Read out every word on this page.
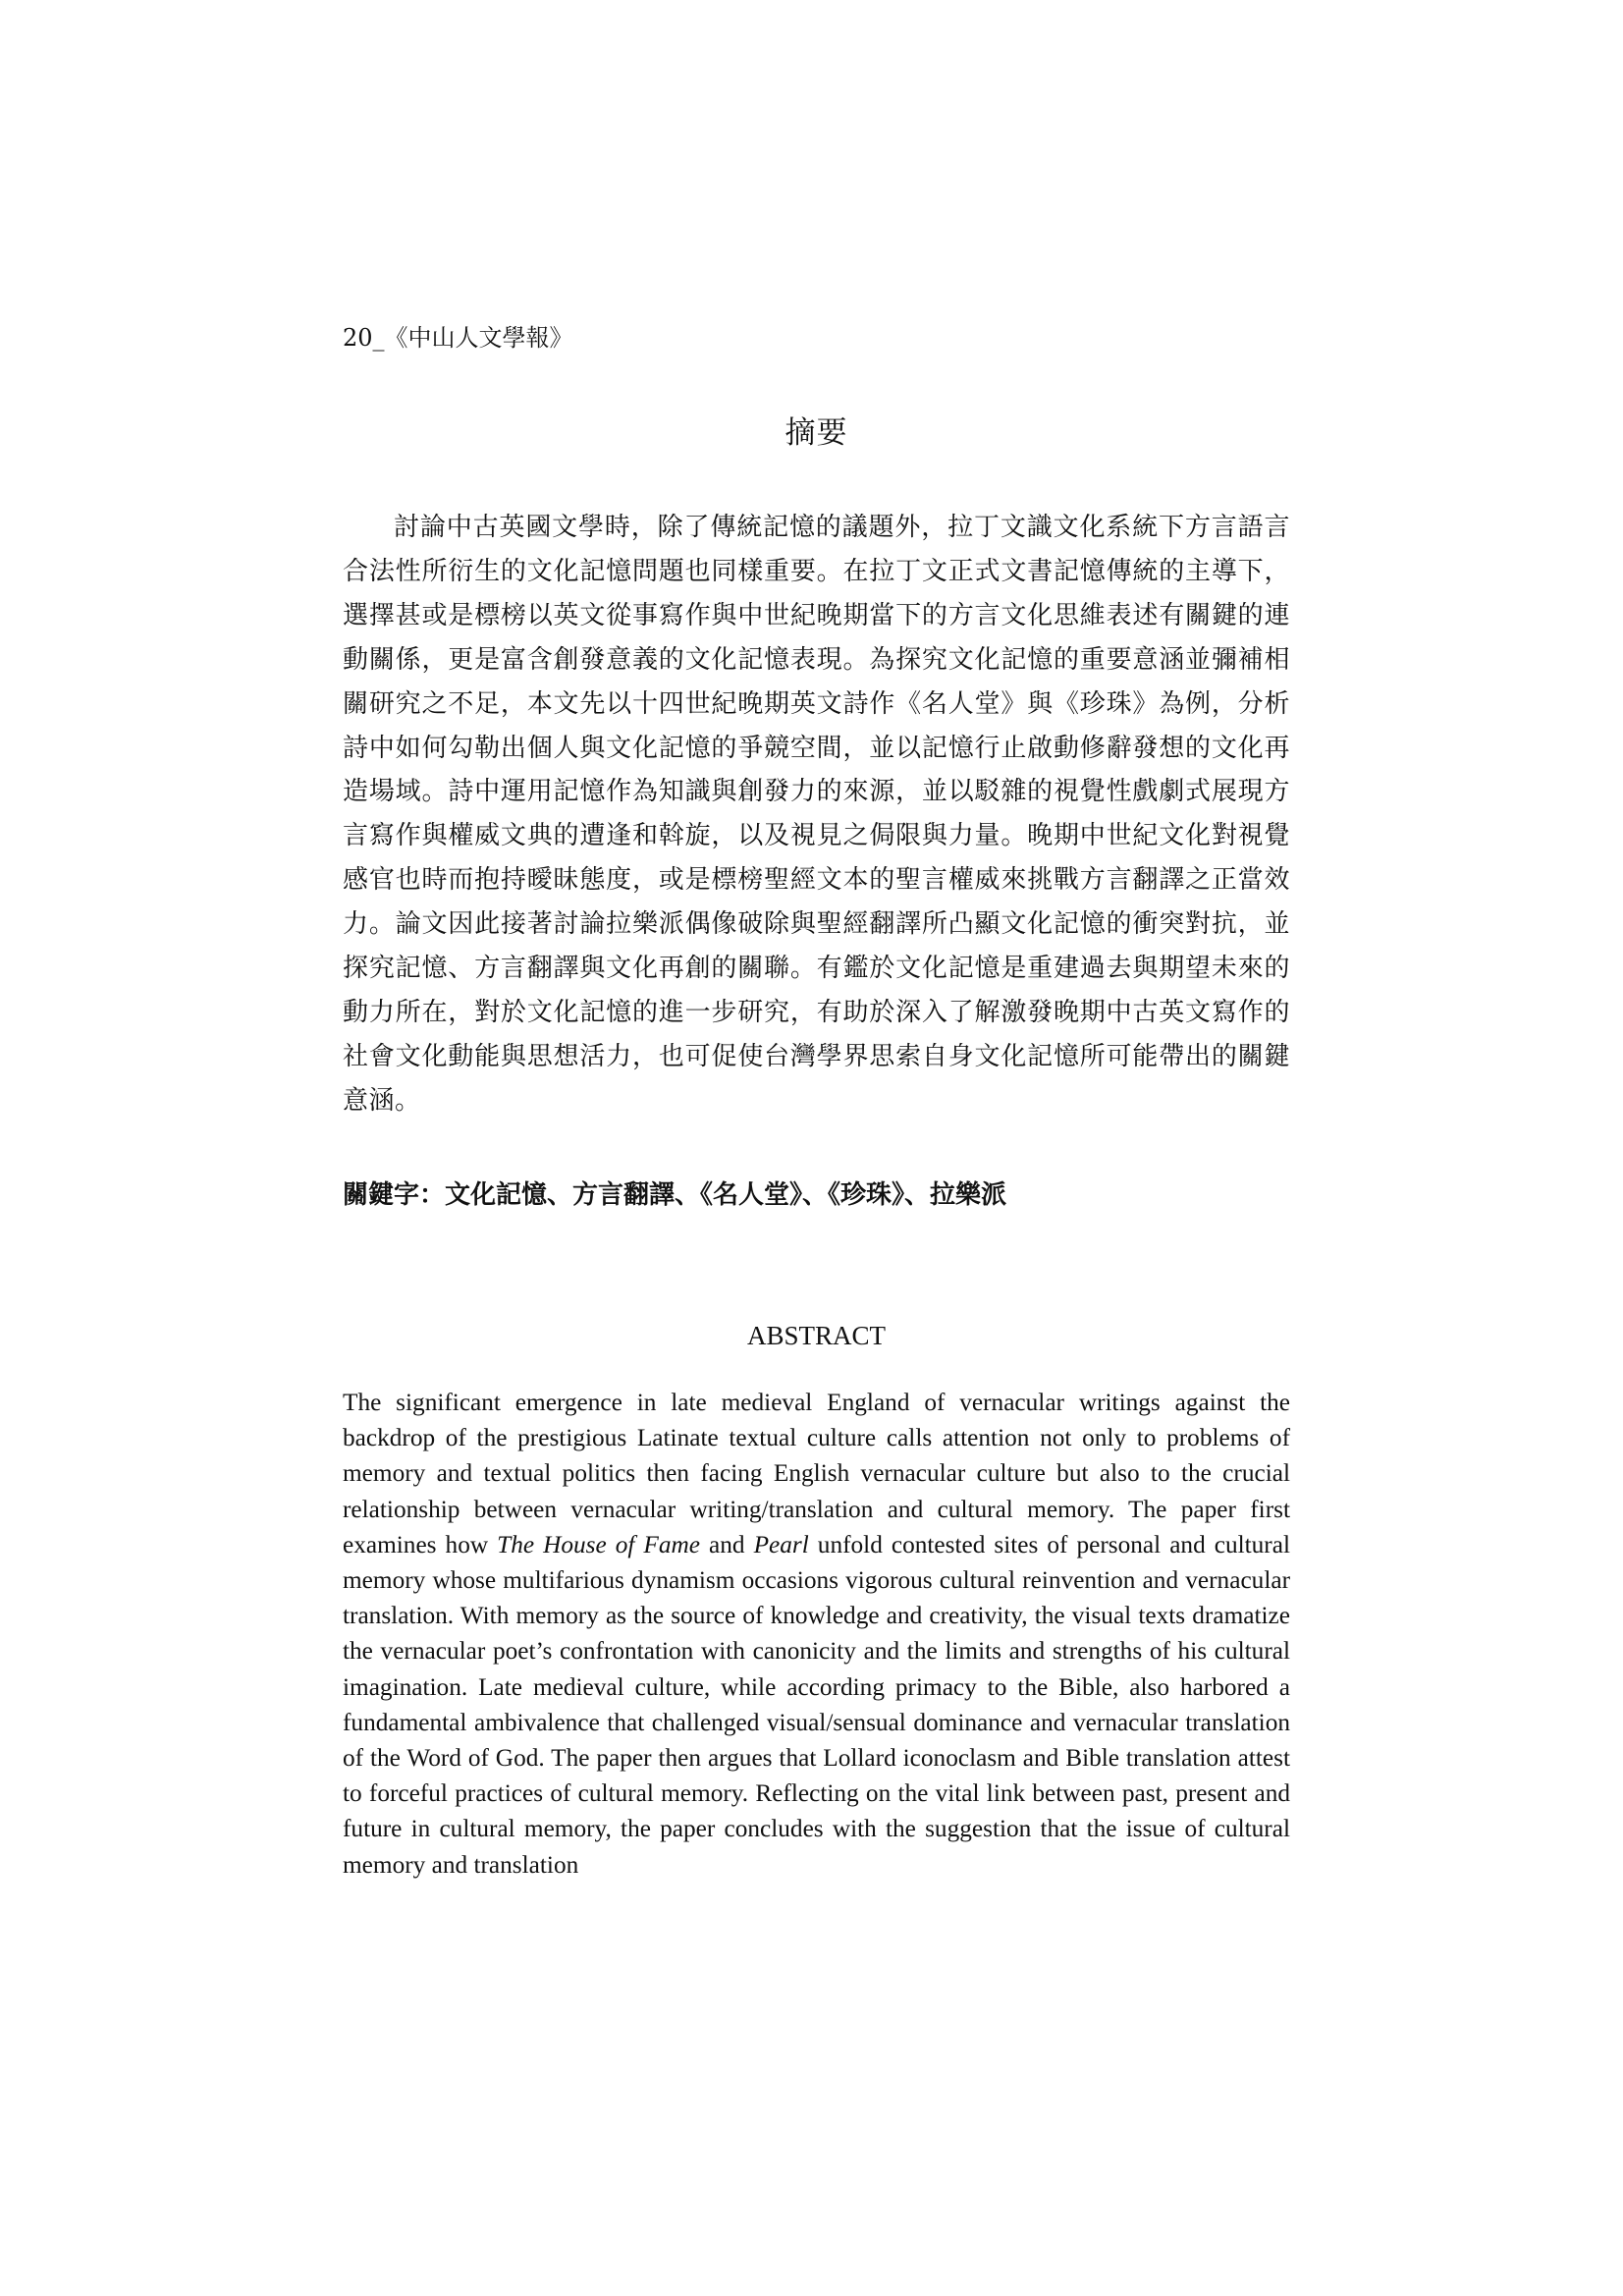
20_《中山人文學報》
摘要

討論中古英國文學時，除了傳統記憶的議題外，拉丁文識文化系統下方言語言合法性所衍生的文化記憶問題也同樣重要。在拉丁文正式文書記憶傳統的主導下，選擇甚或是標榜以英文從事寫作與中世紀晚期當下的方言文化思維表述有關鍵的連動關係，更是富含創發意義的文化記憶表現。為探究文化記憶的重要意涵並彌補相關研究之不足，本文先以十四世紀晚期英文詩作《名人堂》與《珍珠》為例，分析詩中如何勾勒出個人與文化記憶的爭競空間，並以記憶行止啟動修辭發想的文化再造場域。詩中運用記憶作為知識與創發力的來源，並以駁雜的視覺性戲劇式展現方言寫作與權威文典的遭逢和斡旋，以及視見之侷限與力量。晚期中世紀文化對視覺感官也時而抱持曖昧態度，或是標榜聖經文本的聖言權威來挑戰方言翻譯之正當效力。論文因此接著討論拉樂派偶像破除與聖經翻譯所凸顯文化記憶的衝突對抗，並探究記憶、方言翻譯與文化再創的關聯。有鑑於文化記憶是重建過去與期望未來的動力所在，對於文化記憶的進一步研究，有助於深入了解激發晚期中古英文寫作的社會文化動能與思想活力，也可促使台灣學界思索自身文化記憶所可能帶出的關鍵意涵。

關鍵字：文化記憶、方言翻譯、《名人堂》、《珍珠》、拉樂派
ABSTRACT

The significant emergence in late medieval England of vernacular writings against the backdrop of the prestigious Latinate textual culture calls attention not only to problems of memory and textual politics then facing English vernacular culture but also to the crucial relationship between vernacular writing/translation and cultural memory. The paper first examines how The House of Fame and Pearl unfold contested sites of personal and cultural memory whose multifarious dynamism occasions vigorous cultural reinvention and vernacular translation. With memory as the source of knowledge and creativity, the visual texts dramatize the vernacular poet’s confrontation with canonicity and the limits and strengths of his cultural imagination. Late medieval culture, while according primacy to the Bible, also harbored a fundamental ambivalence that challenged visual/sensual dominance and vernacular translation of the Word of God. The paper then argues that Lollard iconoclasm and Bible translation attest to forceful practices of cultural memory. Reflecting on the vital link between past, present and future in cultural memory, the paper concludes with the suggestion that the issue of cultural memory and translation
